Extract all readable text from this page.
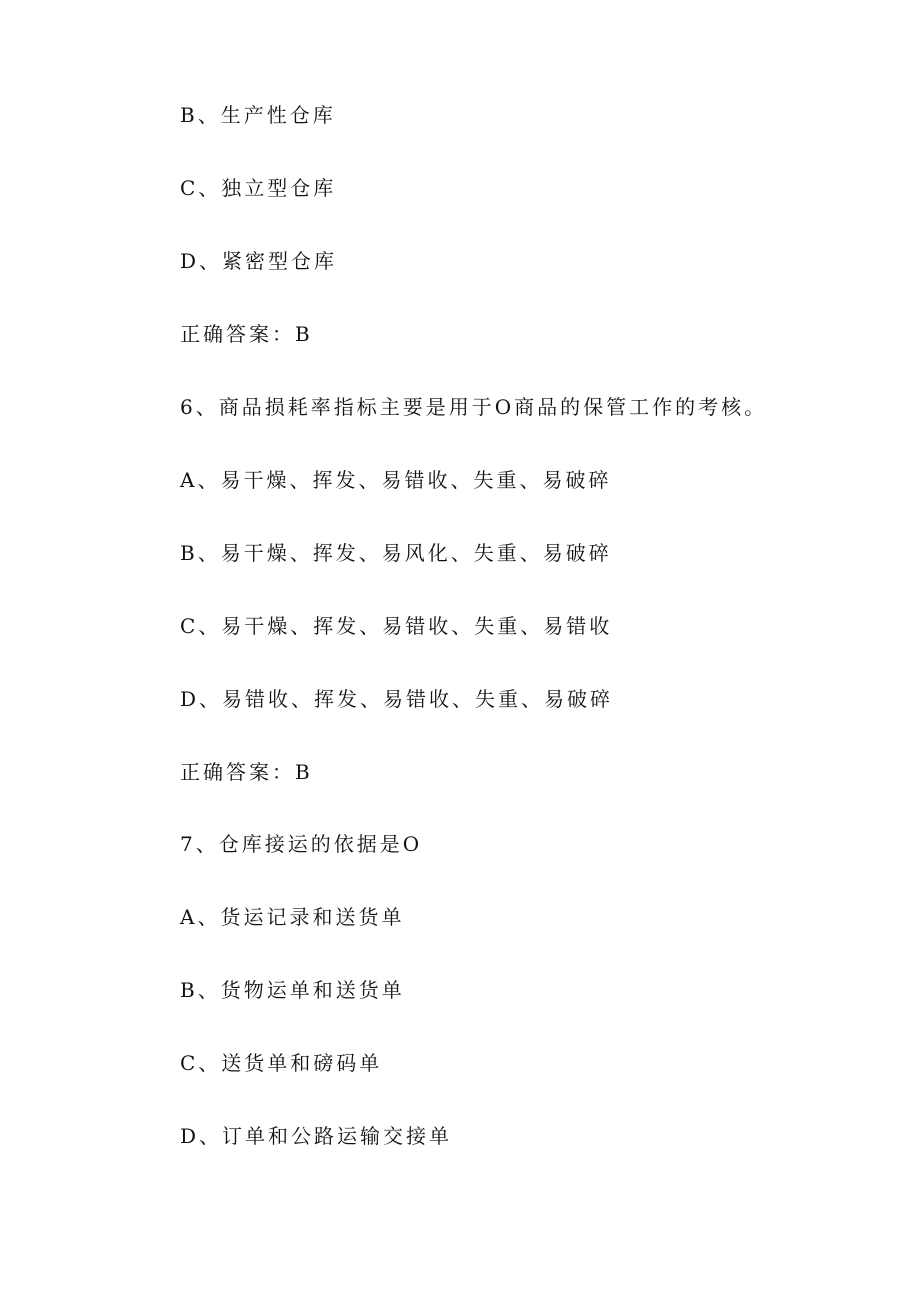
B、生产性仓库
C、独立型仓库
D、紧密型仓库
正确答案：B
6、商品损耗率指标主要是用于O商品的保管工作的考核。
A、易干燥、挥发、易错收、失重、易破碎
B、易干燥、挥发、易风化、失重、易破碎
C、易干燥、挥发、易错收、失重、易错收
D、易错收、挥发、易错收、失重、易破碎
正确答案：B
7、仓库接运的依据是O
A、货运记录和送货单
B、货物运单和送货单
C、送货单和磅码单
D、订单和公路运输交接单
